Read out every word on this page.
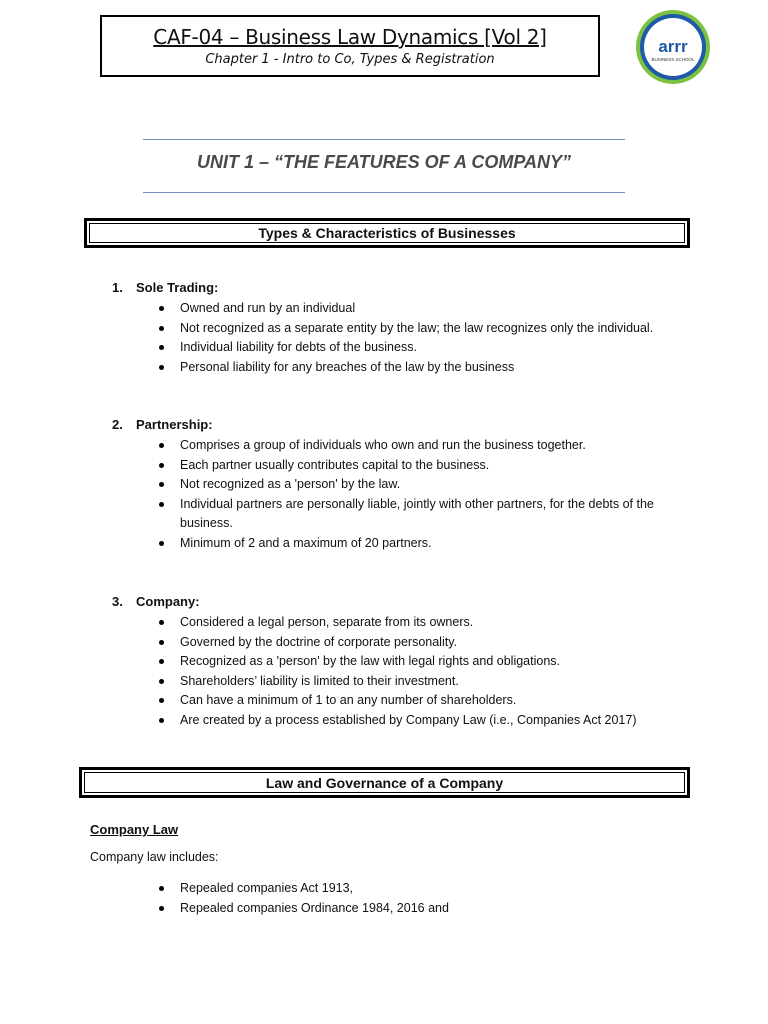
CAF-04 – Business Law Dynamics [Vol 2]
Chapter 1 - Intro to Co, Types & Registration
arrr
BUSINESS SCHOOL
UNIT 1 – “THE FEATURES OF A COMPANY”
Types & Characteristics of Businesses
1. Sole Trading:
Owned and run by an individual
Not recognized as a separate entity by the law; the law recognizes only the individual.
Individual liability for debts of the business.
Personal liability for any breaches of the law by the business
2. Partnership:
Comprises a group of individuals who own and run the business together.
Each partner usually contributes capital to the business.
Not recognized as a 'person' by the law.
Individual partners are personally liable, jointly with other partners, for the debts of the business.
Minimum of 2 and a maximum of 20 partners.
3. Company:
Considered a legal person, separate from its owners.
Governed by the doctrine of corporate personality.
Recognized as a 'person' by the law with legal rights and obligations.
Shareholders’ liability is limited to their investment.
Can have a minimum of 1 to an any number of shareholders.
Are created by a process established by Company Law (i.e., Companies Act 2017)
Law and Governance of a Company
Company Law
Company law includes:
Repealed companies Act 1913,
Repealed companies Ordinance 1984, 2016 and
